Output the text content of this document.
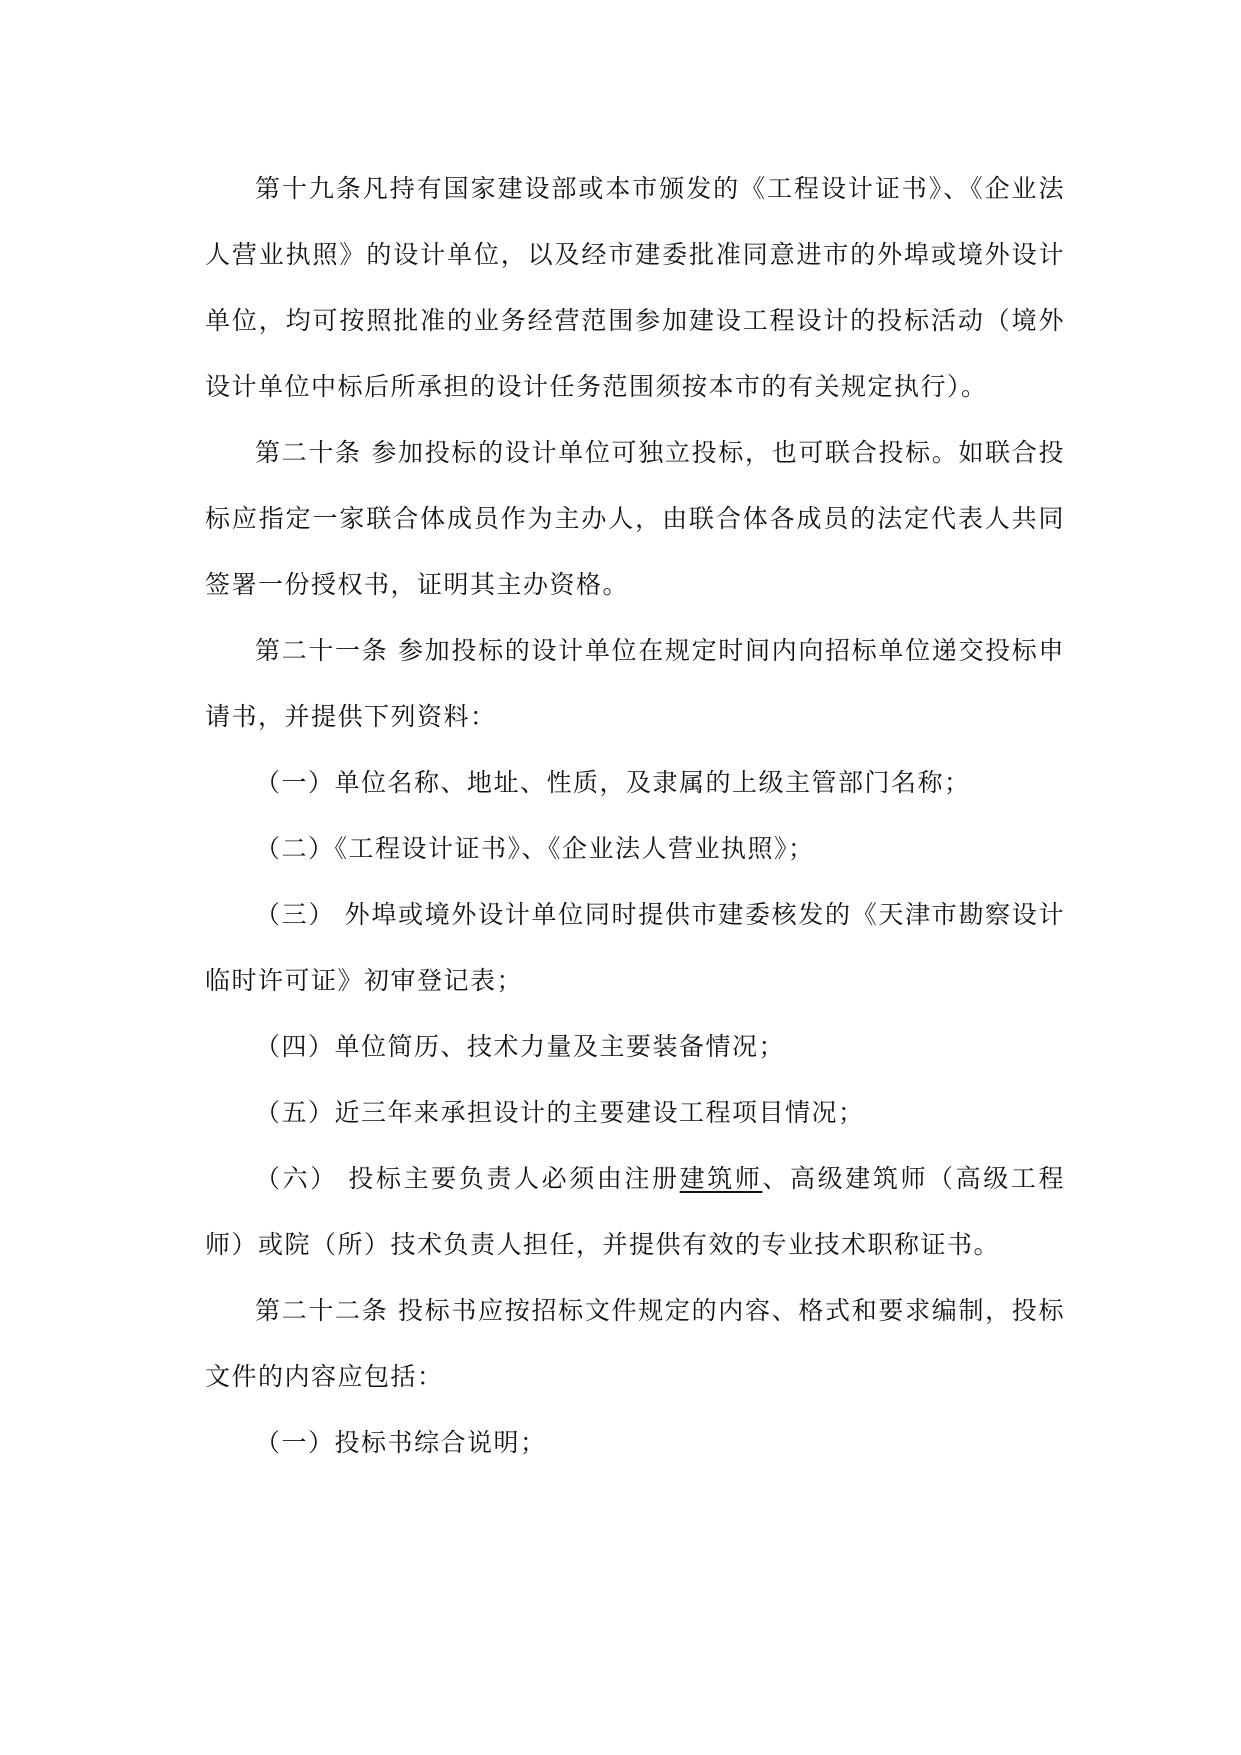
第十九条凡持有国家建设部或本市颁发的《工程设计证书》、《企业法人营业执照》的设计单位，以及经市建委批准同意进市的外埠或境外设计单位，均可按照批准的业务经营范围参加建设工程设计的投标活动（境外设计单位中标后所承担的设计任务范围须按本市的有关规定执行）。

第二十条 参加投标的设计单位可独立投标，也可联合投标。如联合投标应指定一家联合体成员作为主办人，由联合体各成员的法定代表人共同签署一份授权书，证明其主办资格。

第二十一条 参加投标的设计单位在规定时间内向招标单位递交投标申请书，并提供下列资料：

（一）单位名称、地址、性质，及隶属的上级主管部门名称；

（二）《工程设计证书》、《企业法人营业执照》；

（三） 外埠或境外设计单位同时提供市建委核发的《天津市勘察设计临时许可证》初审登记表；

（四）单位简历、技术力量及主要装备情况；

（五）近三年来承担设计的主要建设工程项目情况；

（六） 投标主要负责人必须由注册建筑师、高级建筑师（高级工程师）或院（所）技术负责人担任，并提供有效的专业技术职称证书。

第二十二条 投标书应按招标文件规定的内容、格式和要求编制，投标文件的内容应包括：

（一）投标书综合说明；
